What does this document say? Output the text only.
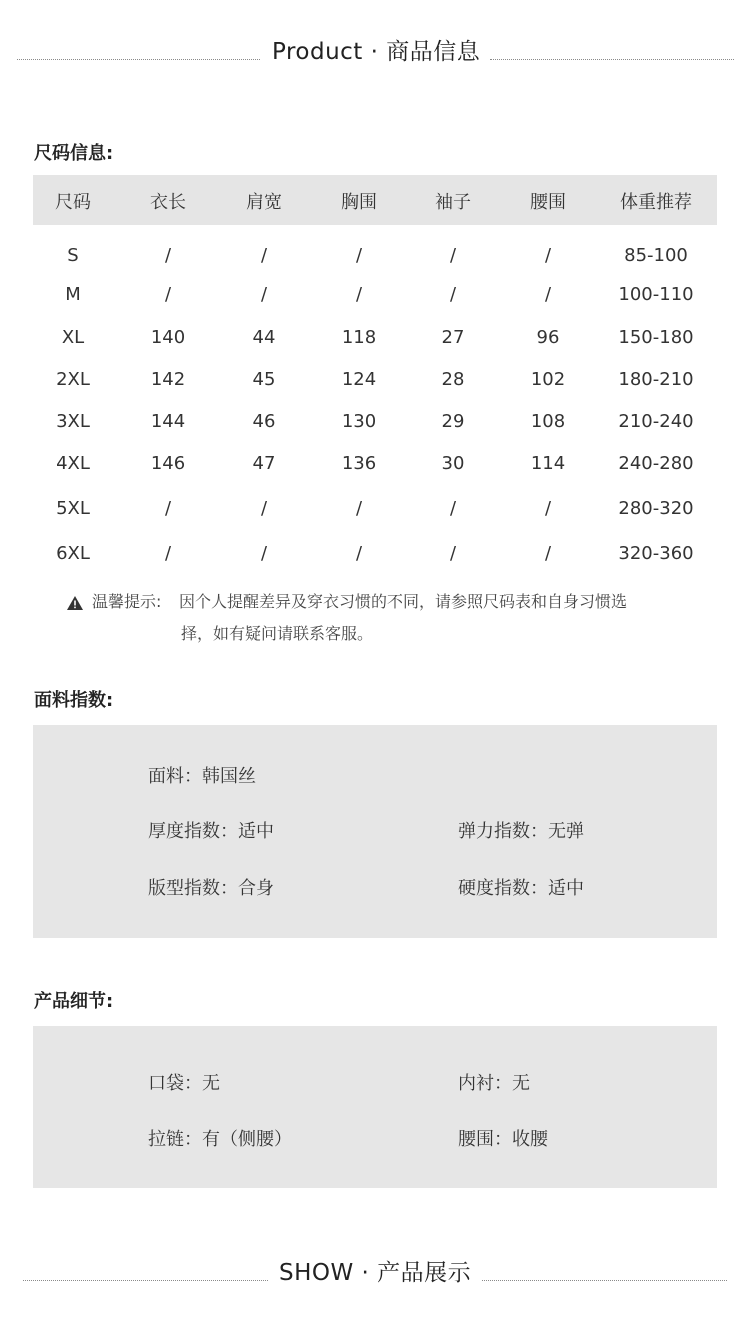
Product · 商品信息
尺码信息:
尺码	衣长	肩宽	胸围	袖子	腰围	体重推荐
S	/	/	/	/	/	85-100
M	/	/	/	/	/	100-110
XL	140	44	118	27	96	150-180
2XL	142	45	124	28	102	180-210
3XL	144	46	130	29	108	210-240
4XL	146	47	136	30	114	240-280
5XL	/	/	/	/	/	280-320
6XL	/	/	/	/	/	320-360
温馨提示: 因个人提醒差异及穿衣习惯的不同，请参照尺码表和自身习惯选
择，如有疑问请联系客服。
面料指数:
面料：韩国丝
厚度指数：适中	弹力指数：无弹
版型指数：合身	硬度指数：适中
产品细节:
口袋：无	内衬：无
拉链：有（侧腰）	腰围：收腰
SHOW · 产品展示
